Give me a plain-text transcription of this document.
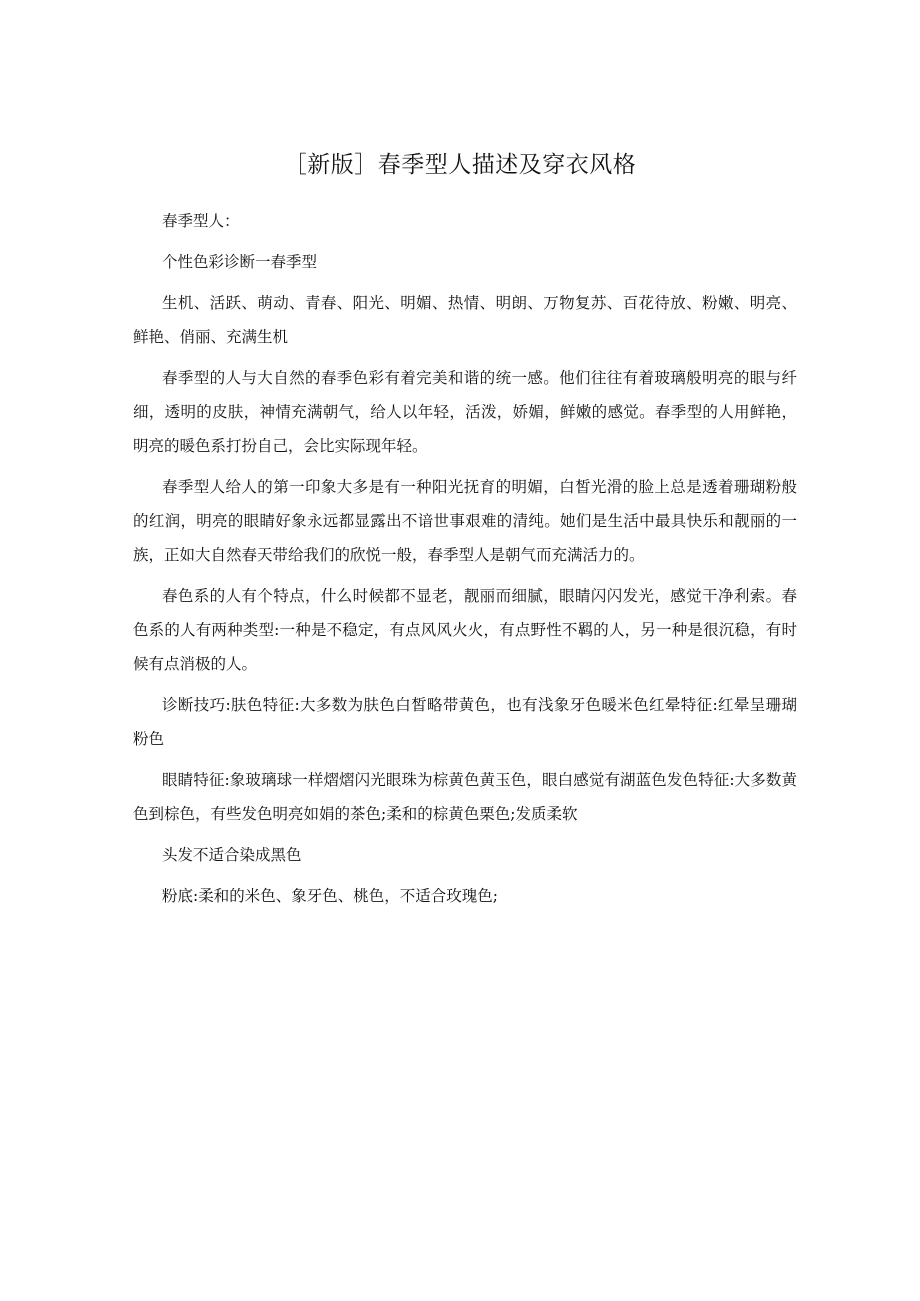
［新版］春季型人描述及穿衣风格

春季型人：

个性色彩诊断一春季型

生机、活跃、萌动、青春、阳光、明媚、热情、明朗、万物复苏、百花待放、粉嫩、明亮、鲜艳、俏丽、充满生机

春季型的人与大自然的春季色彩有着完美和谐的统一感。他们往往有着玻璃般明亮的眼与纤细，透明的皮肤，神情充满朝气，给人以年轻，活泼，娇媚，鲜嫩的感觉。春季型的人用鲜艳，明亮的暖色系打扮自己，会比实际现年轻。

春季型人给人的第一印象大多是有一种阳光抚育的明媚，白皙光滑的脸上总是透着珊瑚粉般的红润，明亮的眼睛好象永远都显露出不谙世事艰难的清纯。她们是生活中最具快乐和靓丽的一族，正如大自然春天带给我们的欣悦一般，春季型人是朝气而充满活力的。

春色系的人有个特点，什么时候都不显老，靓丽而细腻，眼睛闪闪发光，感觉干净利索。春色系的人有两种类型:一种是不稳定，有点风风火火，有点野性不羁的人，另一种是很沉稳，有时候有点消极的人。

诊断技巧:肤色特征:大多数为肤色白皙略带黄色，也有浅象牙色暖米色红晕特征:红晕呈珊瑚粉色

眼睛特征:象玻璃球一样熠熠闪光眼珠为棕黄色黄玉色，眼白感觉有湖蓝色发色特征:大多数黄色到棕色，有些发色明亮如娟的茶色;柔和的棕黄色栗色;发质柔软

头发不适合染成黑色

粉底:柔和的米色、象牙色、桃色，不适合玫瑰色;
